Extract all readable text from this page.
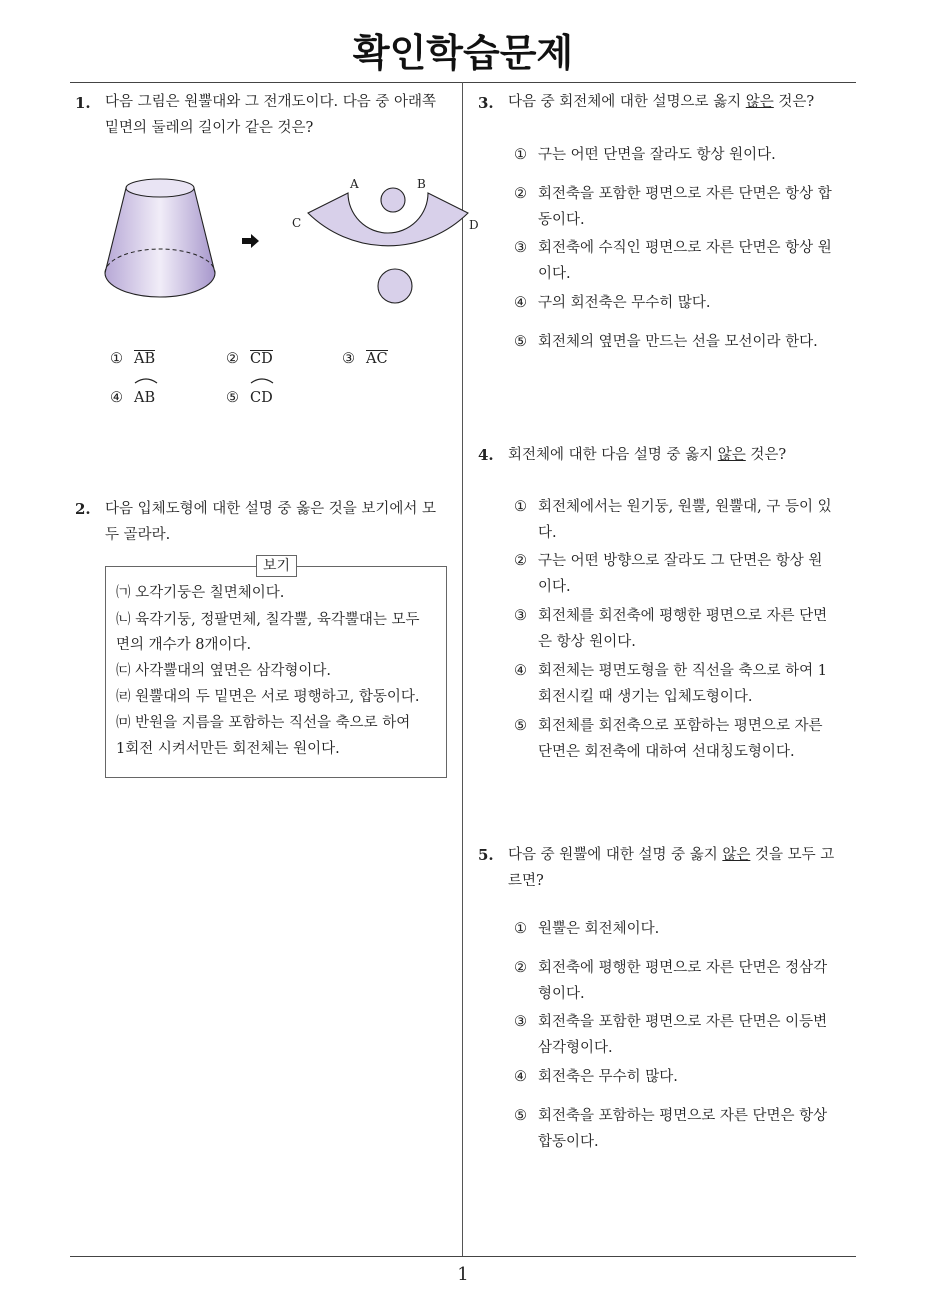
확인학습문제
1
1. 다음 그림은 원뿔대와 그 전개도이다. 다음 중 아래쪽
밑면의 둘레의 길이가 같은 것은?
A	B
C	D
① AB	② CD	③ AC
④ AB	⑤ CD
2. 다음 입체도형에 대한 설명 중 옳은 것을 보기에서 모
두 골라라.
보기
㈀ 오각기둥은 칠면체이다.
㈁ 육각기둥, 정팔면체, 칠각뿔, 육각뿔대는 모두
면의 개수가 8개이다.
㈂ 사각뿔대의 옆면은 삼각형이다.
㈃ 원뿔대의 두 밑면은 서로 평행하고, 합동이다.
㈄ 반원을 지름을 포함하는 직선을 축으로 하여
1회전 시켜서만든 회전체는 원이다.
3. 다음 중 회전체에 대한 설명으로 옳지 않은 것은?
① 구는 어떤 단면을 잘라도 항상 원이다.
② 회전축을 포함한 평면으로 자른 단면은 항상 합
동이다.
③ 회전축에 수직인 평면으로 자른 단면은 항상 원
이다.
④ 구의 회전축은 무수히 많다.
⑤ 회전체의 옆면을 만드는 선을 모선이라 한다.
4. 회전체에 대한 다음 설명 중 옳지 않은 것은?
① 회전체에서는 원기둥, 원뿔, 원뿔대, 구 등이 있
다.
② 구는 어떤 방향으로 잘라도 그 단면은 항상 원
이다.
③ 회전체를 회전축에 평행한 평면으로 자른 단면
은 항상 원이다.
④ 회전체는 평면도형을 한 직선을 축으로 하여 1
회전시킬 때 생기는 입체도형이다.
⑤ 회전체를 회전축으로 포함하는 평면으로 자른
단면은 회전축에 대하여 선대칭도형이다.
5. 다음 중 원뿔에 대한 설명 중 옳지 않은 것을 모두 고
르면?
① 원뿔은 회전체이다.
② 회전축에 평행한 평면으로 자른 단면은 정삼각
형이다.
③ 회전축을 포함한 평면으로 자른 단면은 이등변
삼각형이다.
④ 회전축은 무수히 많다.
⑤ 회전축을 포함하는 평면으로 자른 단면은 항상
합동이다.
